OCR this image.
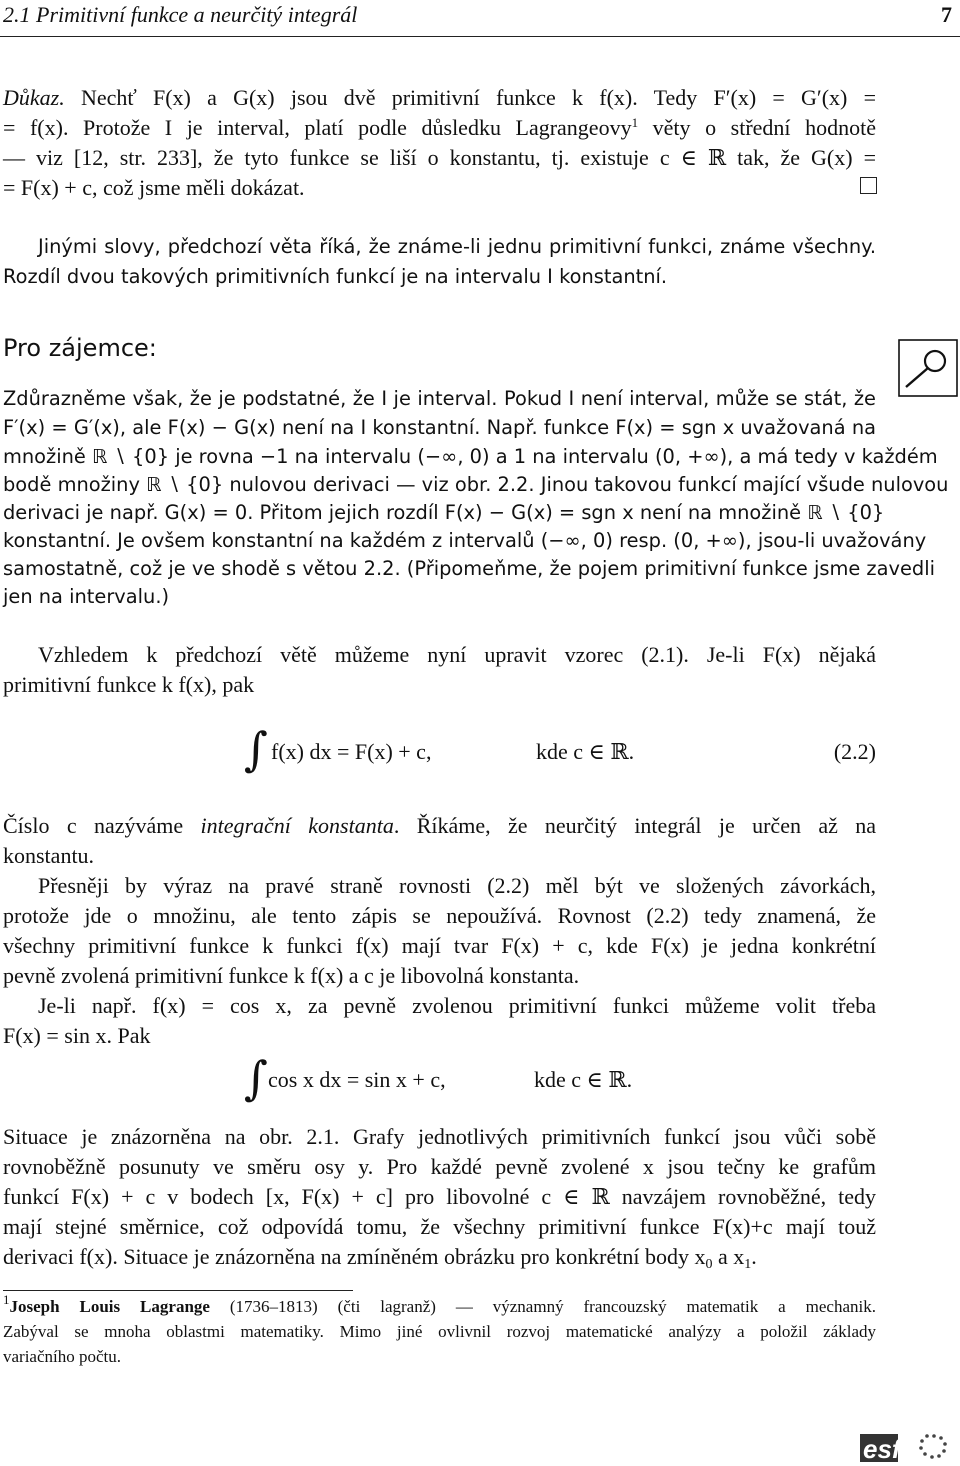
2.1 Primitivní funkce a neurčitý integrál	7
Důkaz. Nechť F(x) a G(x) jsou dvě primitivní funkce k f(x). Tedy F′(x) = G′(x) =
= f(x). Protože I je interval, platí podle důsledku Lagrangeovy$^1$ věty o střední hodnotě
— viz [12, str. 233], že tyto funkce se liší o konstantu, tj. existuje c ∈ ℝ tak, že G(x) =
= F(x) + c, což jsme měli dokázat.
Jinými slovy, předchozí věta říká, že známe-li jednu primitivní funkci, známe všechny.
Rozdíl dvou takových primitivních funkcí je na intervalu I konstantní.
Pro zájemce:
Zdůrazněme však, že je podstatné, že I je interval. Pokud I není interval, může se stát, že
F′(x) = G′(x), ale F(x) − G(x) není na I konstantní. Např. funkce F(x) = sgn x uvažovaná na
množině ℝ ∖ {0} je rovna −1 na intervalu (−∞, 0) a 1 na intervalu (0, +∞), a má tedy v každém
bodě množiny ℝ ∖ {0} nulovou derivaci — viz obr. 2.2. Jinou takovou funkcí mající všude nulovou
derivaci je např. G(x) = 0. Přitom jejich rozdíl F(x) − G(x) = sgn x není na množině ℝ ∖ {0}
konstantní. Je ovšem konstantní na každém z intervalů (−∞, 0) resp. (0, +∞), jsou-li uvažovány
samostatně, což je ve shodě s větou 2.2. (Připomeňme, že pojem primitivní funkce jsme zavedli
jen na intervalu.)
Vzhledem k předchozí větě můžeme nyní upravit vzorec (2.1). Je-li F(x) nějaká
primitivní funkce k f(x), pak
∫ f(x) dx = F(x) + c,	kde c ∈ ℝ.	(2.2)
Číslo c nazýváme integrační konstanta. Říkáme, že neurčitý integrál je určen až na
konstantu.
Přesněji by výraz na pravé straně rovnosti (2.2) měl být ve složených závorkách,
protože jde o množinu, ale tento zápis se nepoužívá. Rovnost (2.2) tedy znamená, že
všechny primitivní funkce k funkci f(x) mají tvar F(x) + c, kde F(x) je jedna konkrétní
pevně zvolená primitivní funkce k f(x) a c je libovolná konstanta.
Je-li např. f(x) = cos x, za pevně zvolenou primitivní funkci můžeme volit třeba
F(x) = sin x. Pak
∫ cos x dx = sin x + c,	kde c ∈ ℝ.
Situace je znázorněna na obr. 2.1. Grafy jednotlivých primitivních funkcí jsou vůči sobě
rovnoběžně posunuty ve směru osy y. Pro každé pevně zvolené x jsou tečny ke grafům
funkcí F(x) + c v bodech [x, F(x) + c] pro libovolné c ∈ ℝ navzájem rovnoběžné, tedy
mají stejné směrnice, což odpovídá tomu, že všechny primitivní funkce F(x)+c mají touž
derivaci f(x). Situace je znázorněna na zmíněném obrázku pro konkrétní body $x_0$ a $x_1$.
$^1$Joseph Louis Lagrange (1736–1813) (čti lagranž) — významný francouzský matematik a mechanik.
Zabýval se mnoha oblastmi matematiky. Mimo jiné ovlivnil rozvoj matematické analýzy a položil základy
variačního počtu.
esf
